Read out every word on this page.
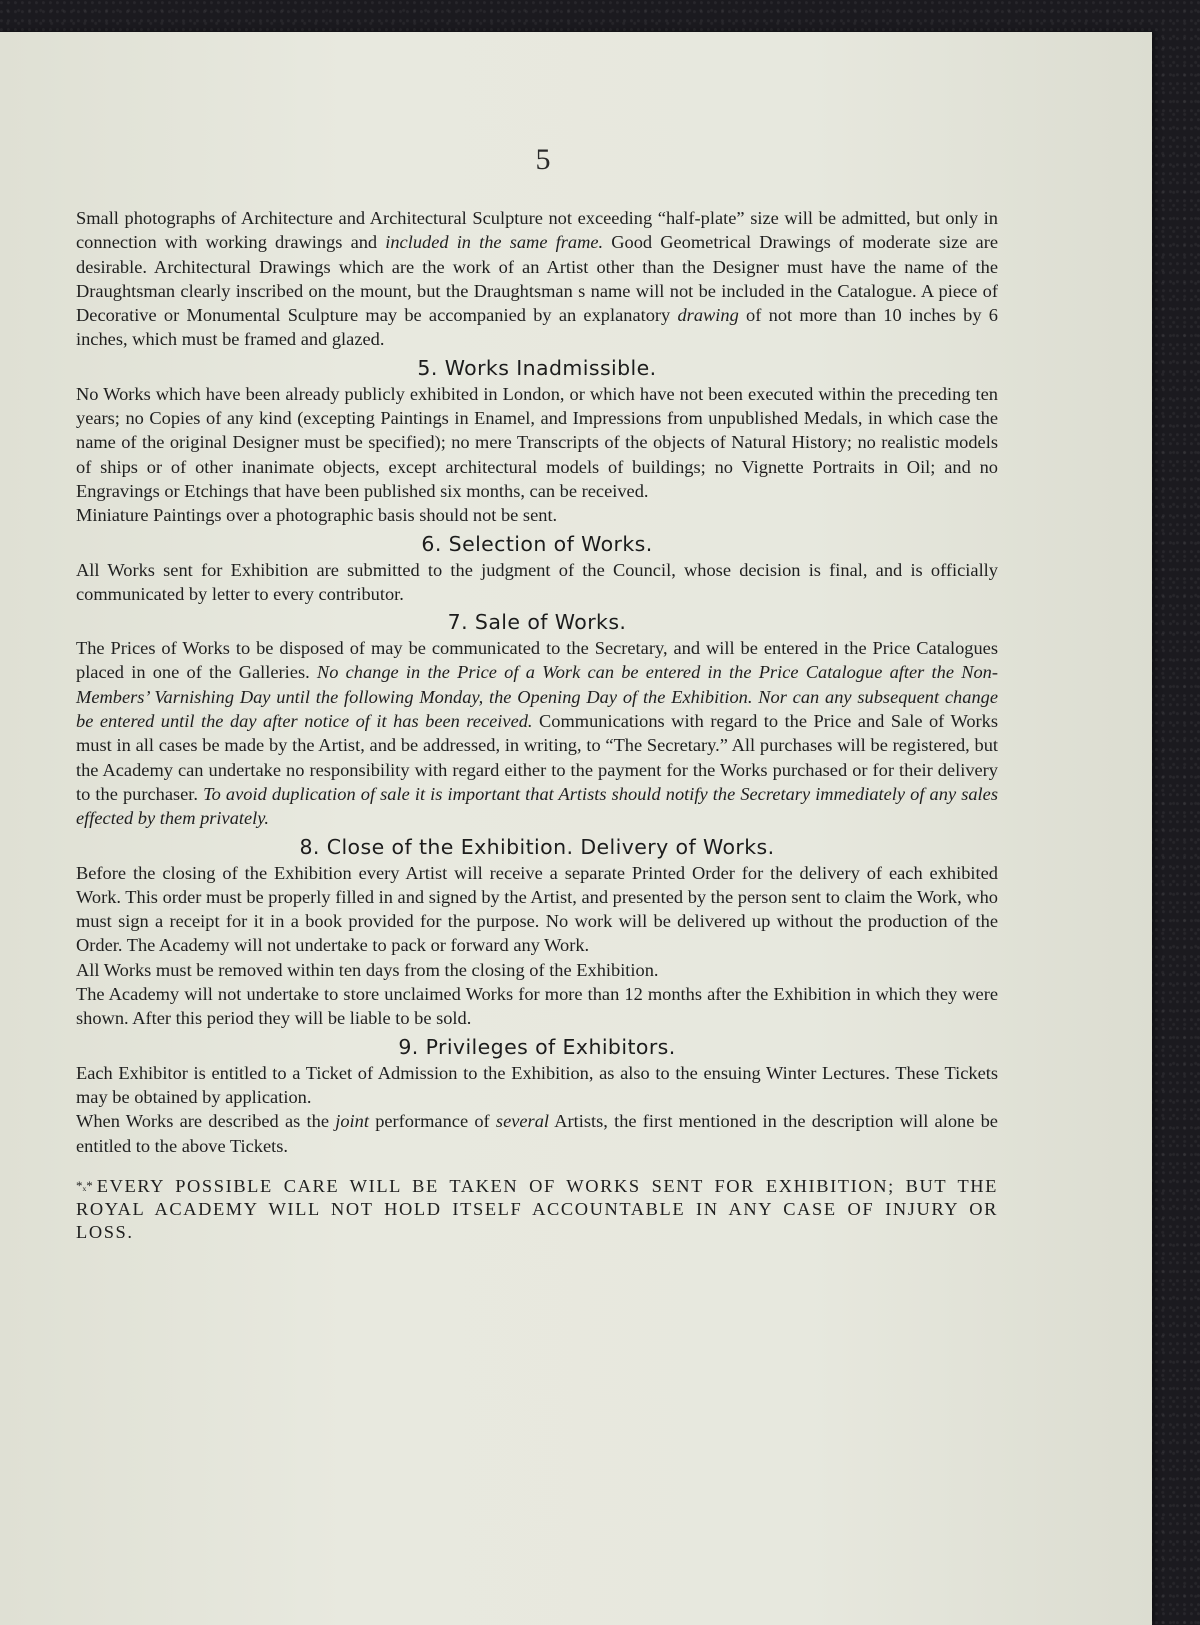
5

Small photographs of Architecture and Architectural Sculpture not exceeding “half-plate” size will be admitted, but only in connection with working drawings and included in the same frame. Good Geometrical Drawings of moderate size are desirable. Architectural Drawings which are the work of an Artist other than the Designer must have the name of the Draughtsman clearly inscribed on the mount, but the Draughtsman s name will not be included in the Catalogue. A piece of Decorative or Monumental Sculpture may be accompanied by an explanatory drawing of not more than 10 inches by 6 inches, which must be framed and glazed.

5. Works Inadmissible.

No Works which have been already publicly exhibited in London, or which have not been executed within the preceding ten years; no Copies of any kind (excepting Paintings in Enamel, and Impressions from unpublished Medals, in which case the name of the original Designer must be specified); no mere Transcripts of the objects of Natural History; no realistic models of ships or of other inanimate objects, except architectural models of buildings; no Vignette Portraits in Oil; and no Engravings or Etchings that have been published six months, can be received.

Miniature Paintings over a photographic basis should not be sent.

6. Selection of Works.

All Works sent for Exhibition are submitted to the judgment of the Council, whose decision is final, and is officially communicated by letter to every contributor.

7. Sale of Works.

The Prices of Works to be disposed of may be communicated to the Secretary, and will be entered in the Price Catalogues placed in one of the Galleries. No change in the Price of a Work can be entered in the Price Catalogue after the Non-Members’ Varnishing Day until the following Monday, the Opening Day of the Exhibition. Nor can any subsequent change be entered until the day after notice of it has been received. Communications with regard to the Price and Sale of Works must in all cases be made by the Artist, and be addressed, in writing, to “The Secretary.” All purchases will be registered, but the Academy can undertake no responsibility with regard either to the payment for the Works purchased or for their delivery to the purchaser. To avoid duplication of sale it is important that Artists should notify the Secretary immediately of any sales effected by them privately.

8. Close of the Exhibition. Delivery of Works.

Before the closing of the Exhibition every Artist will receive a separate Printed Order for the delivery of each exhibited Work. This order must be properly filled in and signed by the Artist, and presented by the person sent to claim the Work, who must sign a receipt for it in a book provided for the purpose. No work will be delivered up without the production of the Order. The Academy will not undertake to pack or forward any Work.

All Works must be removed within ten days from the closing of the Exhibition.

The Academy will not undertake to store unclaimed Works for more than 12 months after the Exhibition in which they were shown. After this period they will be liable to be sold.

9. Privileges of Exhibitors.

Each Exhibitor is entitled to a Ticket of Admission to the Exhibition, as also to the ensuing Winter Lectures. These Tickets may be obtained by application.

When Works are described as the joint performance of several Artists, the first mentioned in the description will alone be entitled to the above Tickets.

*ₓ* EVERY POSSIBLE CARE WILL BE TAKEN OF WORKS SENT FOR EXHIBITION; BUT THE ROYAL ACADEMY WILL NOT HOLD ITSELF ACCOUNTABLE IN ANY CASE OF INJURY OR LOSS.
